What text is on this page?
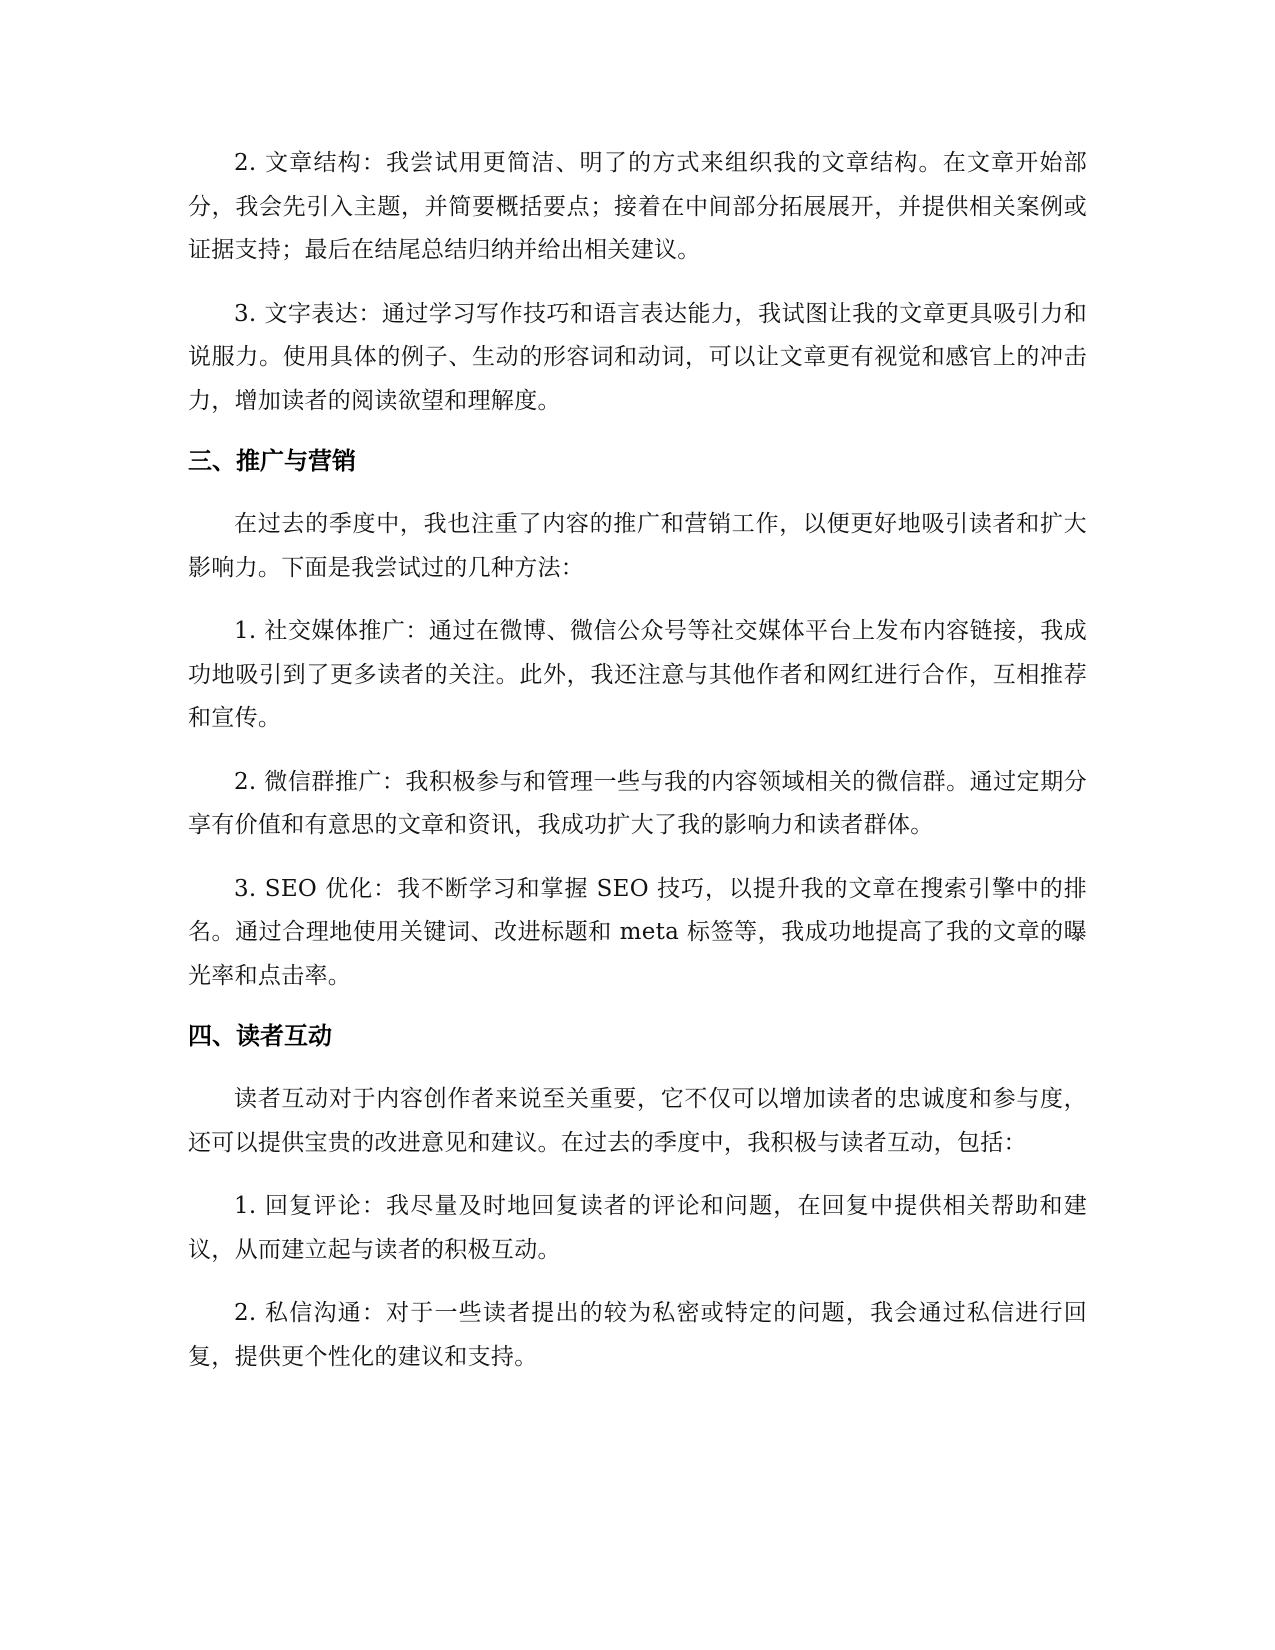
2. 文章结构：我尝试用更简洁、明了的方式来组织我的文章结构。在文章开始部分，我会先引入主题，并简要概括要点；接着在中间部分拓展展开，并提供相关案例或证据支持；最后在结尾总结归纳并给出相关建议。

3. 文字表达：通过学习写作技巧和语言表达能力，我试图让我的文章更具吸引力和说服力。使用具体的例子、生动的形容词和动词，可以让文章更有视觉和感官上的冲击力，增加读者的阅读欲望和理解度。

三、推广与营销

在过去的季度中，我也注重了内容的推广和营销工作，以便更好地吸引读者和扩大影响力。下面是我尝试过的几种方法：

1. 社交媒体推广：通过在微博、微信公众号等社交媒体平台上发布内容链接，我成功地吸引到了更多读者的关注。此外，我还注意与其他作者和网红进行合作，互相推荐和宣传。

2. 微信群推广：我积极参与和管理一些与我的内容领域相关的微信群。通过定期分享有价值和有意思的文章和资讯，我成功扩大了我的影响力和读者群体。

3. SEO 优化：我不断学习和掌握 SEO 技巧，以提升我的文章在搜索引擎中的排名。通过合理地使用关键词、改进标题和 meta 标签等，我成功地提高了我的文章的曝光率和点击率。

四、读者互动

读者互动对于内容创作者来说至关重要，它不仅可以增加读者的忠诚度和参与度，还可以提供宝贵的改进意见和建议。在过去的季度中，我积极与读者互动，包括：

1. 回复评论：我尽量及时地回复读者的评论和问题，在回复中提供相关帮助和建议，从而建立起与读者的积极互动。

2. 私信沟通：对于一些读者提出的较为私密或特定的问题，我会通过私信进行回复，提供更个性化的建议和支持。
